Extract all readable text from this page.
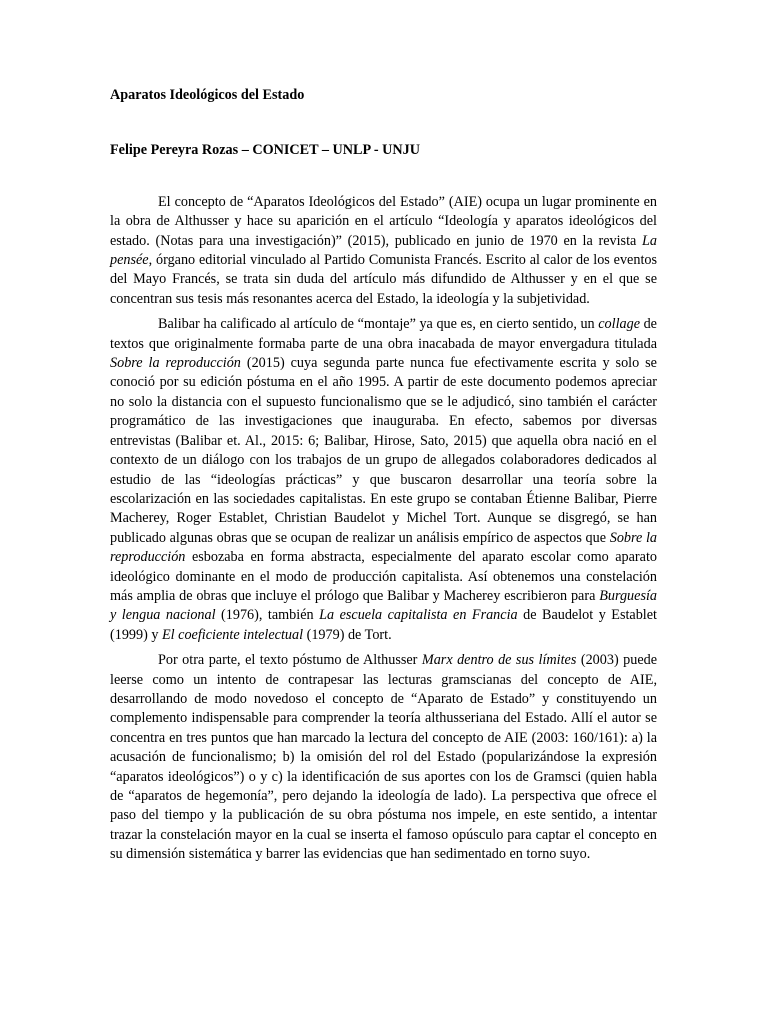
Aparatos Ideológicos del Estado

Felipe Pereyra Rozas – CONICET – UNLP - UNJU

El concepto de “Aparatos Ideológicos del Estado” (AIE) ocupa un lugar prominente en la obra de Althusser y hace su aparición en el artículo “Ideología y aparatos ideológicos del estado. (Notas para una investigación)” (2015), publicado en junio de 1970 en la revista La pensée, órgano editorial vinculado al Partido Comunista Francés. Escrito al calor de los eventos del Mayo Francés, se trata sin duda del artículo más difundido de Althusser y en el que se concentran sus tesis más resonantes acerca del Estado, la ideología y la subjetividad.

Balibar ha calificado al artículo de “montaje” ya que es, en cierto sentido, un collage de textos que originalmente formaba parte de una obra inacabada de mayor envergadura titulada Sobre la reproducción (2015) cuya segunda parte nunca fue efectivamente escrita y solo se conoció por su edición póstuma en el año 1995. A partir de este documento podemos apreciar no solo la distancia con el supuesto funcionalismo que se le adjudicó, sino también el carácter programático de las investigaciones que inauguraba. En efecto, sabemos por diversas entrevistas (Balibar et. Al., 2015: 6; Balibar, Hirose, Sato, 2015) que aquella obra nació en el contexto de un diálogo con los trabajos de un grupo de allegados colaboradores dedicados al estudio de las “ideologías prácticas” y que buscaron desarrollar una teoría sobre la escolarización en las sociedades capitalistas. En este grupo se contaban Étienne Balibar, Pierre Macherey, Roger Establet, Christian Baudelot y Michel Tort. Aunque se disgregó, se han publicado algunas obras que se ocupan de realizar un análisis empírico de aspectos que Sobre la reproducción esbozaba en forma abstracta, especialmente del aparato escolar como aparato ideológico dominante en el modo de producción capitalista. Así obtenemos una constelación más amplia de obras que incluye el prólogo que Balibar y Macherey escribieron para Burguesía y lengua nacional (1976), también La escuela capitalista en Francia de Baudelot y Establet (1999) y El coeficiente intelectual (1979) de Tort.

Por otra parte, el texto póstumo de Althusser Marx dentro de sus límites (2003) puede leerse como un intento de contrapesar las lecturas gramscianas del concepto de AIE, desarrollando de modo novedoso el concepto de “Aparato de Estado” y constituyendo un complemento indispensable para comprender la teoría althusseriana del Estado. Allí el autor se concentra en tres puntos que han marcado la lectura del concepto de AIE (2003: 160/161): a) la acusación de funcionalismo; b) la omisión del rol del Estado (popularizándose la expresión “aparatos ideológicos”) o y c) la identificación de sus aportes con los de Gramsci (quien habla de “aparatos de hegemonía”, pero dejando la ideología de lado). La perspectiva que ofrece el paso del tiempo y la publicación de su obra póstuma nos impele, en este sentido, a intentar trazar la constelación mayor en la cual se inserta el famoso opúsculo para captar el concepto en su dimensión sistemática y barrer las evidencias que han sedimentado en torno suyo.
